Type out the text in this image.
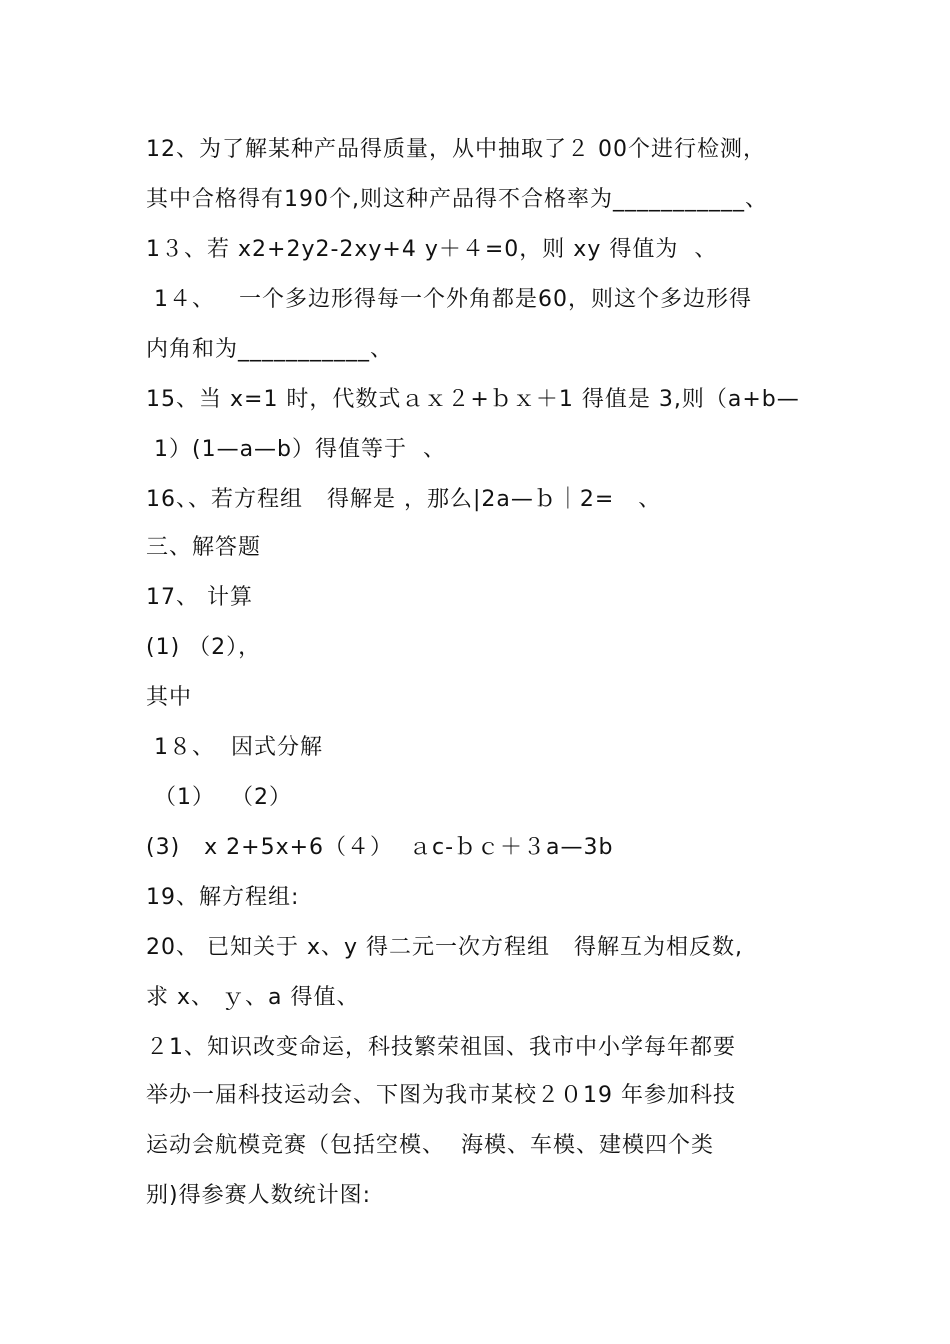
12、为了解某种产品得质量，从中抽取了２ 00个进行检测，
其中合格得有190个,则这种产品得不合格率为___________、
1３、若 x2+2y2-2xy+4 y＋４=0，则 xy 得值为  、
1４、   一个多边形得每一个外角都是60，则这个多边形得
内角和为___________、
15、当 x=1 时，代数式ａｘ２+ｂｘ＋1 得值是 3,则（a+b—
1）(1—a—b）得值等于  、
16、、若方程组   得解是 ，那么|2a—ｂ｜2=   、
三、解答题
17、 计算
(1) （2），
其中
1８、  因式分解
（1）  （2）
(3)   x 2+5x+6（４）  ａc-ｂｃ＋３a—3b
19、解方程组:
20、 已知关于 x、y 得二元一次方程组   得解互为相反数,
求 x、 ｙ、a 得值、
２1、知识改变命运，科技繁荣祖国、我市中小学每年都要
举办一届科技运动会、下图为我市某校２０19 年参加科技
运动会航模竞赛（包括空模、  海模、车模、建模四个类
别)得参赛人数统计图:
